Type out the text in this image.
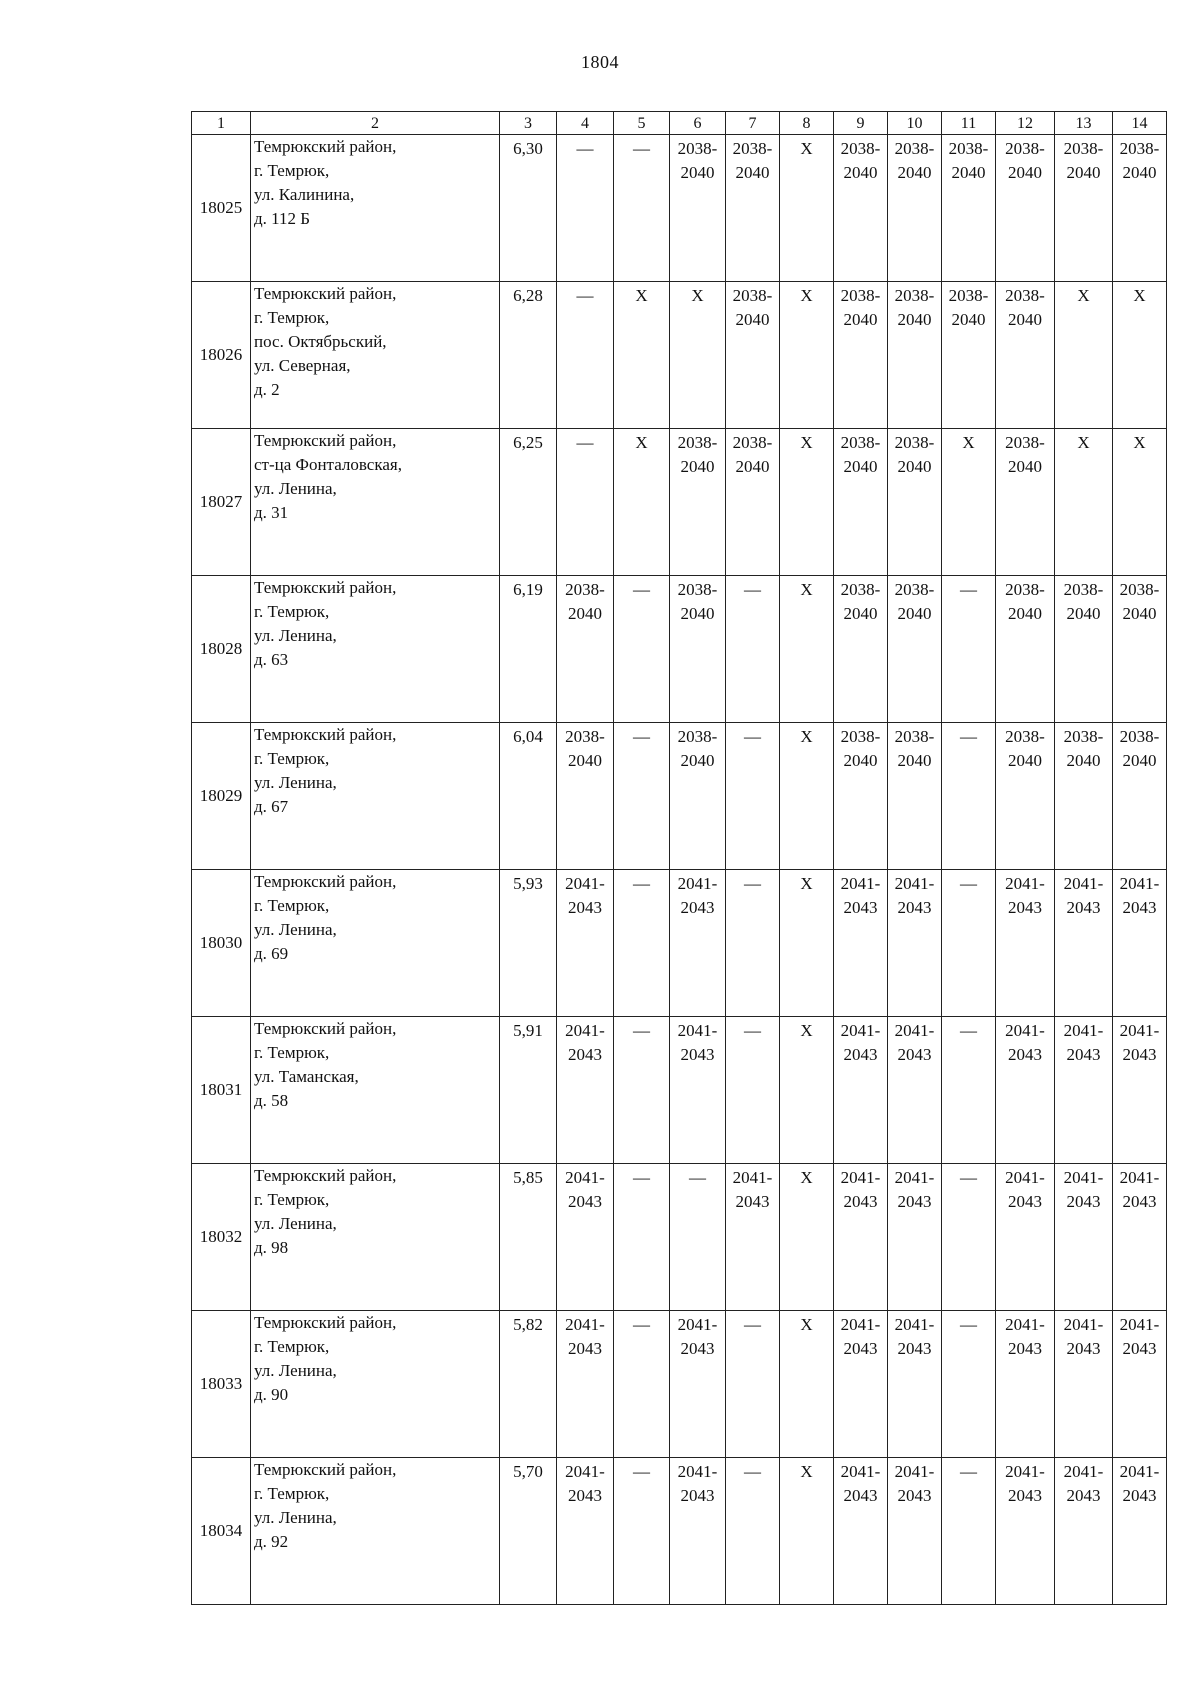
1804
1	2	3	4	5	6	7	8	9	10	11	12	13	14
18025	Темрюкский район,
г. Темрюк,
ул. Калинина,
д. 112 Б	6,30	—	—	2038-
2040	2038-
2040	Х	2038-
2040	2038-
2040	2038-
2040	2038-
2040	2038-
2040	2038-
2040

18026	Темрюкский район,
г. Темрюк,
пос. Октябрьский,
ул. Северная,
д. 2	6,28	—	Х	Х	2038-
2040	Х	2038-
2040	2038-
2040	2038-
2040	2038-
2040	Х	Х

18027	Темрюкский район,
ст-ца Фонталовская,
ул. Ленина,
д. 31	6,25	—	Х	2038-
2040	2038-
2040	Х	2038-
2040	2038-
2040	Х	2038-
2040	Х	Х

18028	Темрюкский район,
г. Темрюк,
ул. Ленина,
д. 63	6,19	2038-
2040	—	2038-
2040	—	Х	2038-
2040	2038-
2040	—	2038-
2040	2038-
2040	2038-
2040

18029	Темрюкский район,
г. Темрюк,
ул. Ленина,
д. 67	6,04	2038-
2040	—	2038-
2040	—	Х	2038-
2040	2038-
2040	—	2038-
2040	2038-
2040	2038-
2040

18030	Темрюкский район,
г. Темрюк,
ул. Ленина,
д. 69	5,93	2041-
2043	—	2041-
2043	—	Х	2041-
2043	2041-
2043	—	2041-
2043	2041-
2043	2041-
2043

18031	Темрюкский район,
г. Темрюк,
ул. Таманская,
д. 58	5,91	2041-
2043	—	2041-
2043	—	Х	2041-
2043	2041-
2043	—	2041-
2043	2041-
2043	2041-
2043

18032	Темрюкский район,
г. Темрюк,
ул. Ленина,
д. 98	5,85	2041-
2043	—	—	2041-
2043	Х	2041-
2043	2041-
2043	—	2041-
2043	2041-
2043	2041-
2043

18033	Темрюкский район,
г. Темрюк,
ул. Ленина,
д. 90	5,82	2041-
2043	—	2041-
2043	—	Х	2041-
2043	2041-
2043	—	2041-
2043	2041-
2043	2041-
2043

18034	Темрюкский район,
г. Темрюк,
ул. Ленина,
д. 92	5,70	2041-
2043	—	2041-
2043	—	Х	2041-
2043	2041-
2043	—	2041-
2043	2041-
2043	2041-
2043
